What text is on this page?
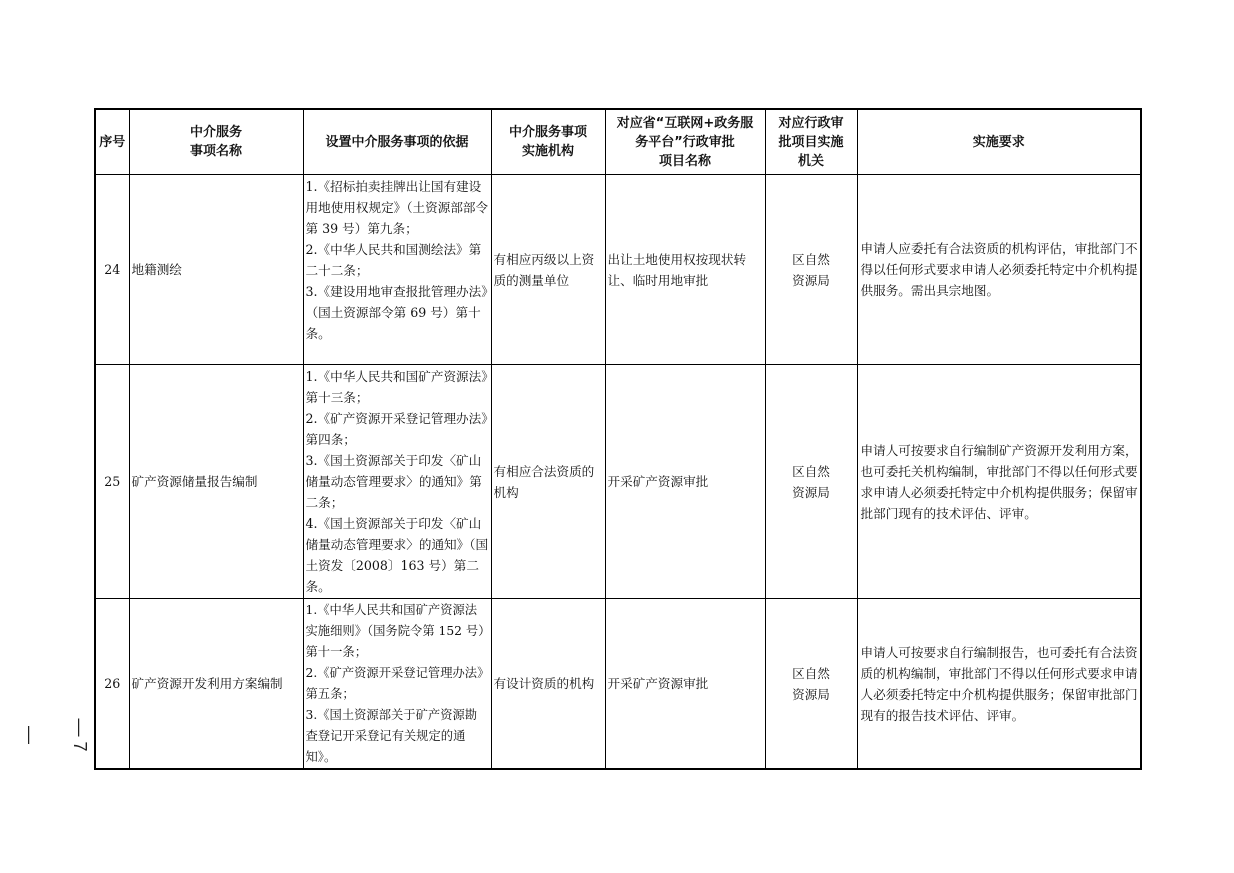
序号	中介服务
事项名称	设置中介服务事项的依据	中介服务事项
实施机构	对应省“互联网+政务服
务平台”行政审批
项目名称	对应行政审
批项目实施
机关	实施要求
24	地籍测绘	1.《招标拍卖挂牌出让国有建设用地使用权规定》（土资源部部令第 39 号）第九条；
2.《中华人民共和国测绘法》第二十二条；
3.《建设用地审查报批管理办法》（国土资源部令第 69 号）第十条。	有相应丙级以上资质的测量单位	出让土地使用权按现状转让、临时用地审批	区自然
资源局	申请人应委托有合法资质的机构评估，审批部门不得以任何形式要求申请人必须委托特定中介机构提供服务。需出具宗地图。
25	矿产资源储量报告编制	1.《中华人民共和国矿产资源法》第十三条；
2.《矿产资源开采登记管理办法》第四条；
3.《国土资源部关于印发〈矿山储量动态管理要求〉的通知》第二条；
4.《国土资源部关于印发〈矿山储量动态管理要求〉的通知》（国土资发〔2008〕163 号）第二条。	有相应合法资质的机构	开采矿产资源审批	区自然
资源局	申请人可按要求自行编制矿产资源开发利用方案，也可委托关机构编制，审批部门不得以任何形式要求申请人必须委托特定中介机构提供服务；保留审批部门现有的技术评估、评审。
26	矿产资源开发利用方案编制	1.《中华人民共和国矿产资源法实施细则》（国务院令第 152 号）第十一条；
2.《矿产资源开采登记管理办法》第五条；
3.《国土资源部关于矿产资源勘查登记开采登记有关规定的通知》。	有设计资质的机构	开采矿产资源审批	区自然
资源局	申请人可按要求自行编制报告，也可委托有合法资质的机构编制，审批部门不得以任何形式要求申请人必须委托特定中介机构提供服务；保留审批部门现有的报告技术评估、评审。
— 7 —
